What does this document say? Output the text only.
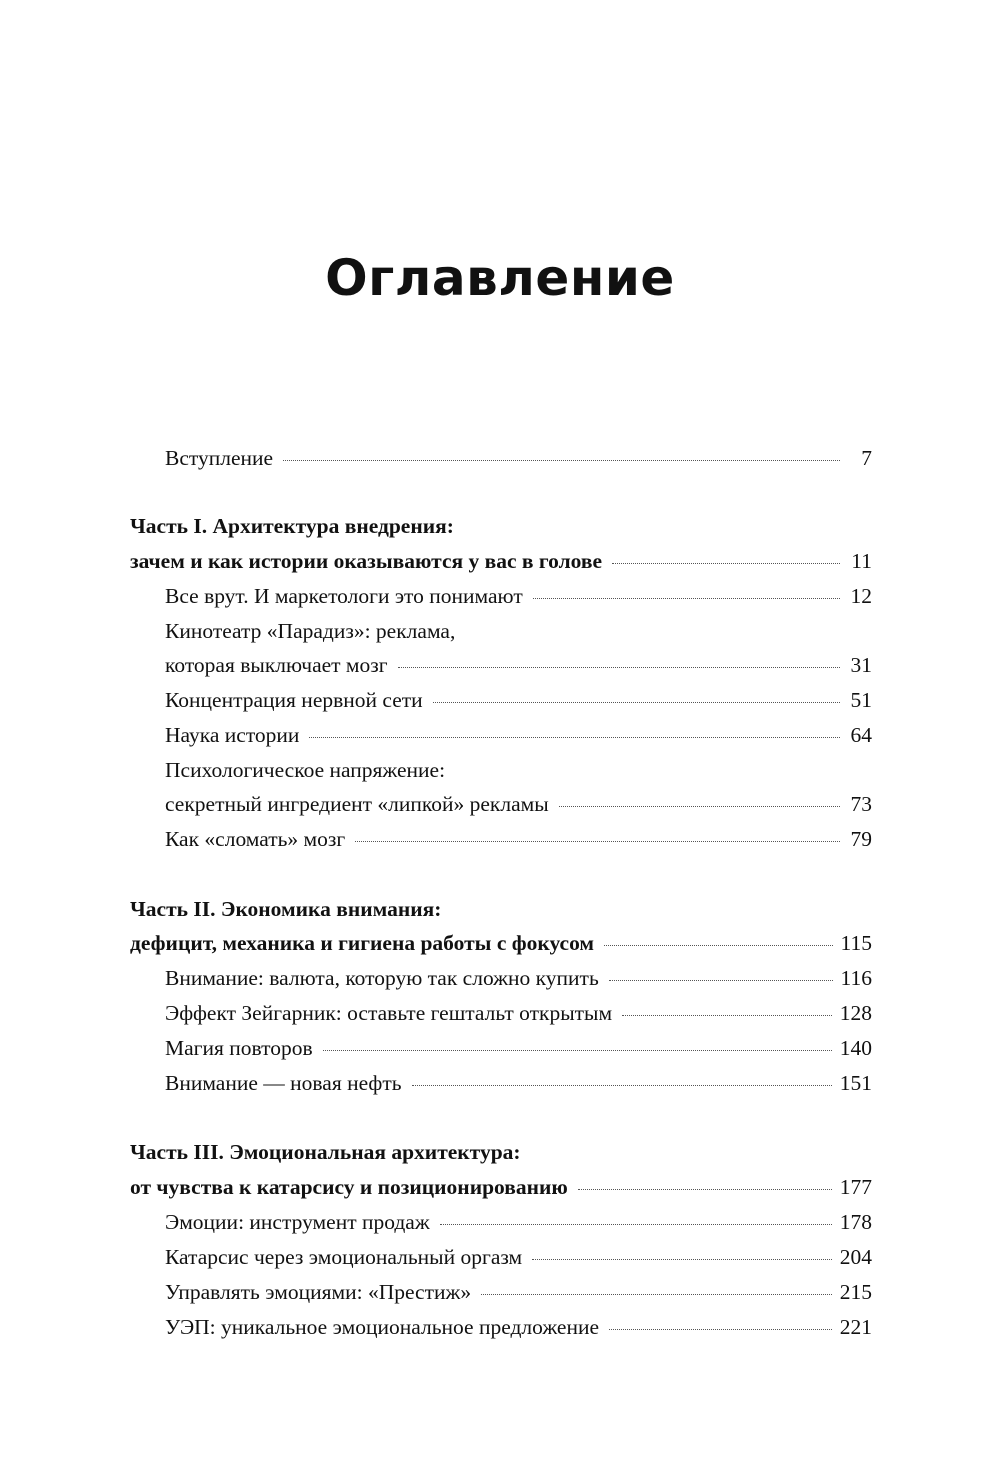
Оглавление
Вступление	7
Часть I. Архитектура внедрения:
зачем и как истории оказываются у вас в голове	11
Все врут. И маркетологи это понимают	12
Кинотеатр «Парадиз»: реклама,
которая выключает мозг	31
Концентрация нервной сети	51
Наука истории	64
Психологическое напряжение:
секретный ингредиент «липкой» рекламы	73
Как «сломать» мозг	79
Часть II. Экономика внимания:
дефицит, механика и гигиена работы с фокусом	115
Внимание: валюта, которую так сложно купить	116
Эффект Зейгарник: оставьте гештальт открытым	128
Магия повторов	140
Внимание — новая нефть	151
Часть III. Эмоциональная архитектура:
от чувства к катарсису и позиционированию	177
Эмоции: инструмент продаж	178
Катарсис через эмоциональный оргазм	204
Управлять эмоциями: «Престиж»	215
УЭП: уникальное эмоциональное предложение	221
